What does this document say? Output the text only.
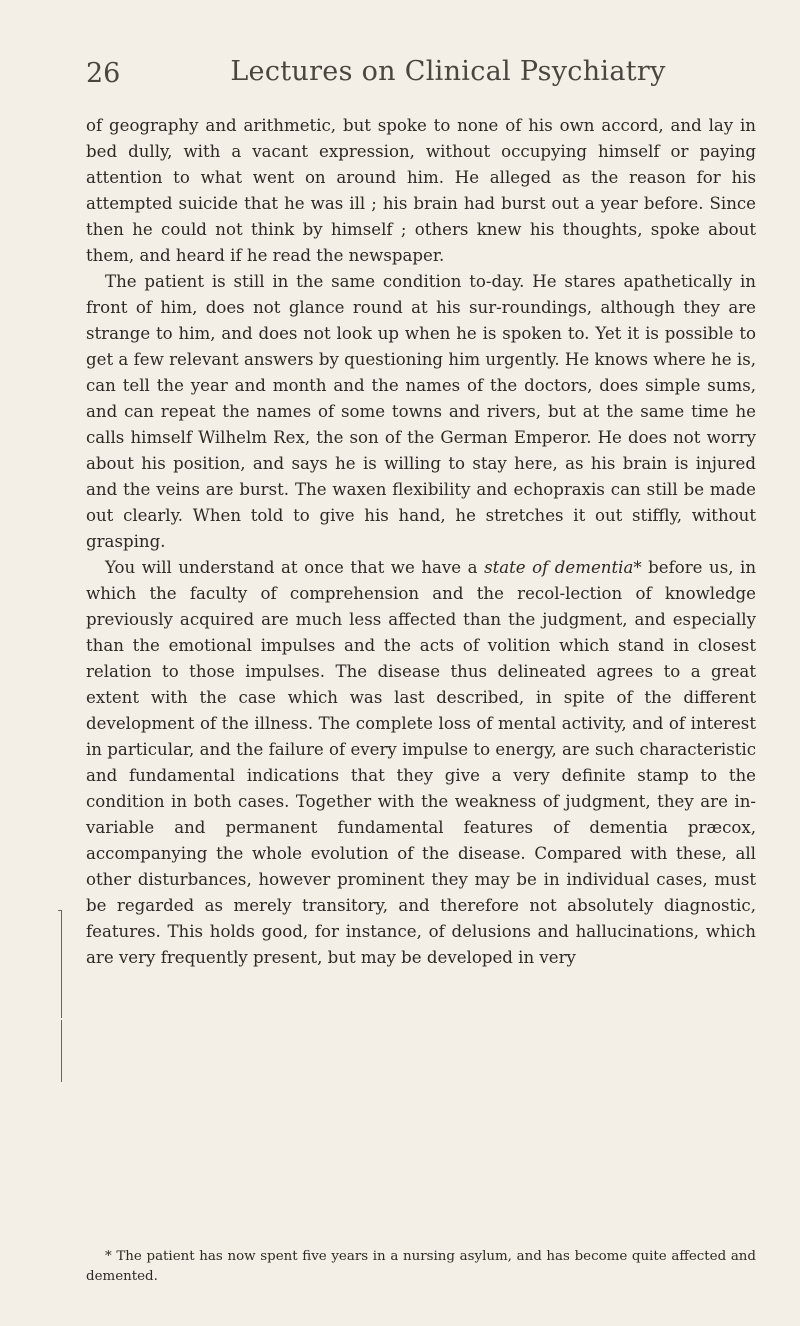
26	Lectures on Clinical Psychiatry

of geography and arithmetic, but spoke to none of his own accord, and lay in bed dully, with a vacant expression, without occupying himself or paying attention to what went on around him. He alleged as the reason for his attempted suicide that he was ill ; his brain had burst out a year before. Since then he could not think by himself ; others knew his thoughts, spoke about them, and heard if he read the newspaper.

The patient is still in the same condition to-day. He stares apathetically in front of him, does not glance round at his sur-roundings, although they are strange to him, and does not look up when he is spoken to. Yet it is possible to get a few relevant answers by questioning him urgently. He knows where he is, can tell the year and month and the names of the doctors, does simple sums, and can repeat the names of some towns and rivers, but at the same time he calls himself Wilhelm Rex, the son of the German Emperor. He does not worry about his position, and says he is willing to stay here, as his brain is injured and the veins are burst. The waxen flexibility and echopraxis can still be made out clearly. When told to give his hand, he stretches it out stiffly, without grasping.

You will understand at once that we have a state of dementia* before us, in which the faculty of comprehension and the recol-lection of knowledge previously acquired are much less affected than the judgment, and especially than the emotional impulses and the acts of volition which stand in closest relation to those impulses. The disease thus delineated agrees to a great extent with the case which was last described, in spite of the different development of the illness. The complete loss of mental activity, and of interest in particular, and the failure of every impulse to energy, are such characteristic and fundamental indications that they give a very definite stamp to the condition in both cases. Together with the weakness of judgment, they are in-variable and permanent fundamental features of dementia præcox, accompanying the whole evolution of the disease. Compared with these, all other disturbances, however prominent they may be in individual cases, must be regarded as merely transitory, and therefore not absolutely diagnostic, features. This holds good, for instance, of delusions and hallucinations, which are very frequently present, but may be developed in very

* The patient has now spent five years in a nursing asylum, and has become quite affected and demented.
